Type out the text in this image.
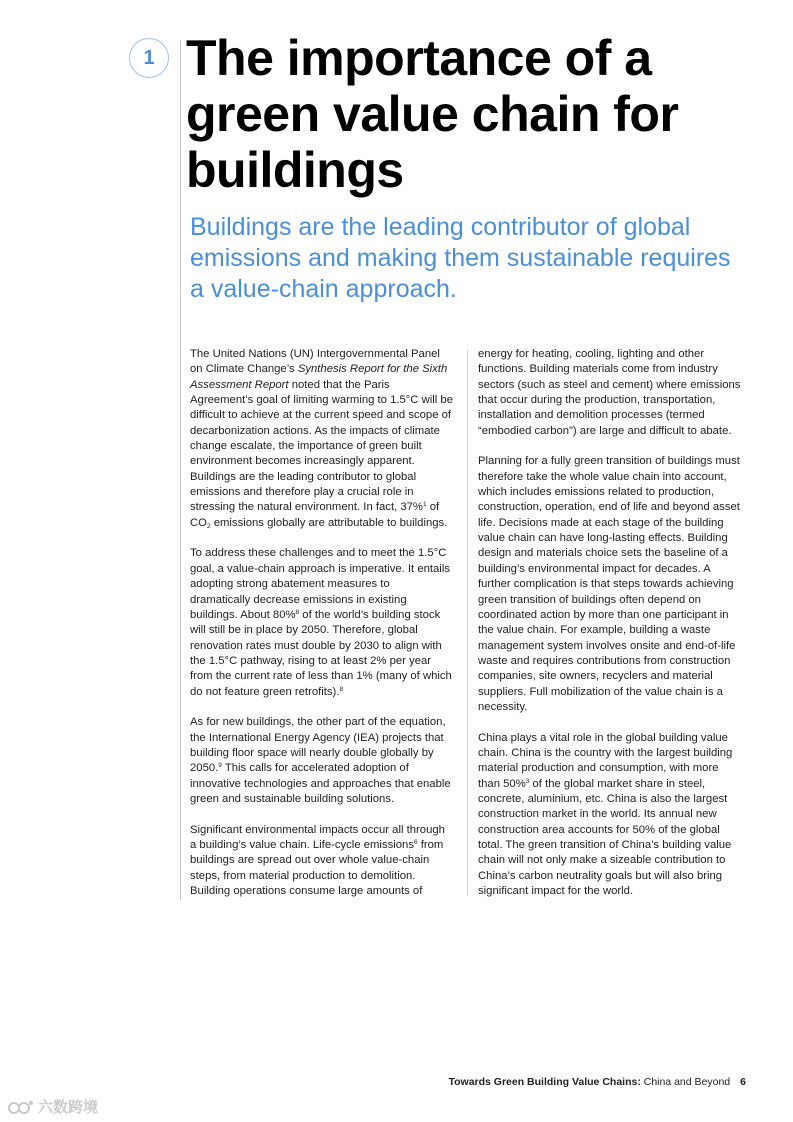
1 The importance of a green value chain for buildings
Buildings are the leading contributor of global emissions and making them sustainable requires a value-chain approach.

The United Nations (UN) Intergovernmental Panel on Climate Change’s Synthesis Report for the Sixth Assessment Report noted that the Paris Agreement’s goal of limiting warming to 1.5°C will be difficult to achieve at the current speed and scope of decarbonization actions. As the impacts of climate change escalate, the importance of green built environment becomes increasingly apparent. Buildings are the leading contributor to global emissions and therefore play a crucial role in stressing the natural environment. In fact, 37%$^1$ of $CO_2$ emissions globally are attributable to buildings.

To address these challenges and to meet the 1.5°C goal, a value-chain approach is imperative. It entails adopting strong abatement measures to dramatically decrease emissions in existing buildings. About 80%$^8$ of the world’s building stock will still be in place by 2050. Therefore, global renovation rates must double by 2030 to align with the 1.5°C pathway, rising to at least 2% per year from the current rate of less than 1% (many of which do not feature green retrofits).$^8$

As for new buildings, the other part of the equation, the International Energy Agency (IEA) projects that building floor space will nearly double globally by 2050.$^9$ This calls for accelerated adoption of innovative technologies and approaches that enable green and sustainable building solutions.

Significant environmental impacts occur all through a building’s value chain. Life-cycle emissions$^6$ from buildings are spread out over whole value-chain steps, from material production to demolition. Building operations consume large amounts of

energy for heating, cooling, lighting and other functions. Building materials come from industry sectors (such as steel and cement) where emissions that occur during the production, transportation, installation and demolition processes (termed “embodied carbon”) are large and difficult to abate.

Planning for a fully green transition of buildings must therefore take the whole value chain into account, which includes emissions related to production, construction, operation, end of life and beyond asset life. Decisions made at each stage of the building value chain can have long-lasting effects. Building design and materials choice sets the baseline of a building’s environmental impact for decades. A further complication is that steps towards achieving green transition of buildings often depend on coordinated action by more than one participant in the value chain. For example, building a waste management system involves onsite and end-of-life waste and requires contributions from construction companies, site owners, recyclers and material suppliers. Full mobilization of the value chain is a necessity.

China plays a vital role in the global building value chain. China is the country with the largest building material production and consumption, with more than 50%$^3$ of the global market share in steel, concrete, aluminium, etc. China is also the largest construction market in the world. Its annual new construction area accounts for 50% of the global total. The green transition of China’s building value chain will not only make a sizeable contribution to China’s carbon neutrality goals but will also bring significant impact for the world.

Towards Green Building Value Chains: China and Beyond 6
六数跨境
